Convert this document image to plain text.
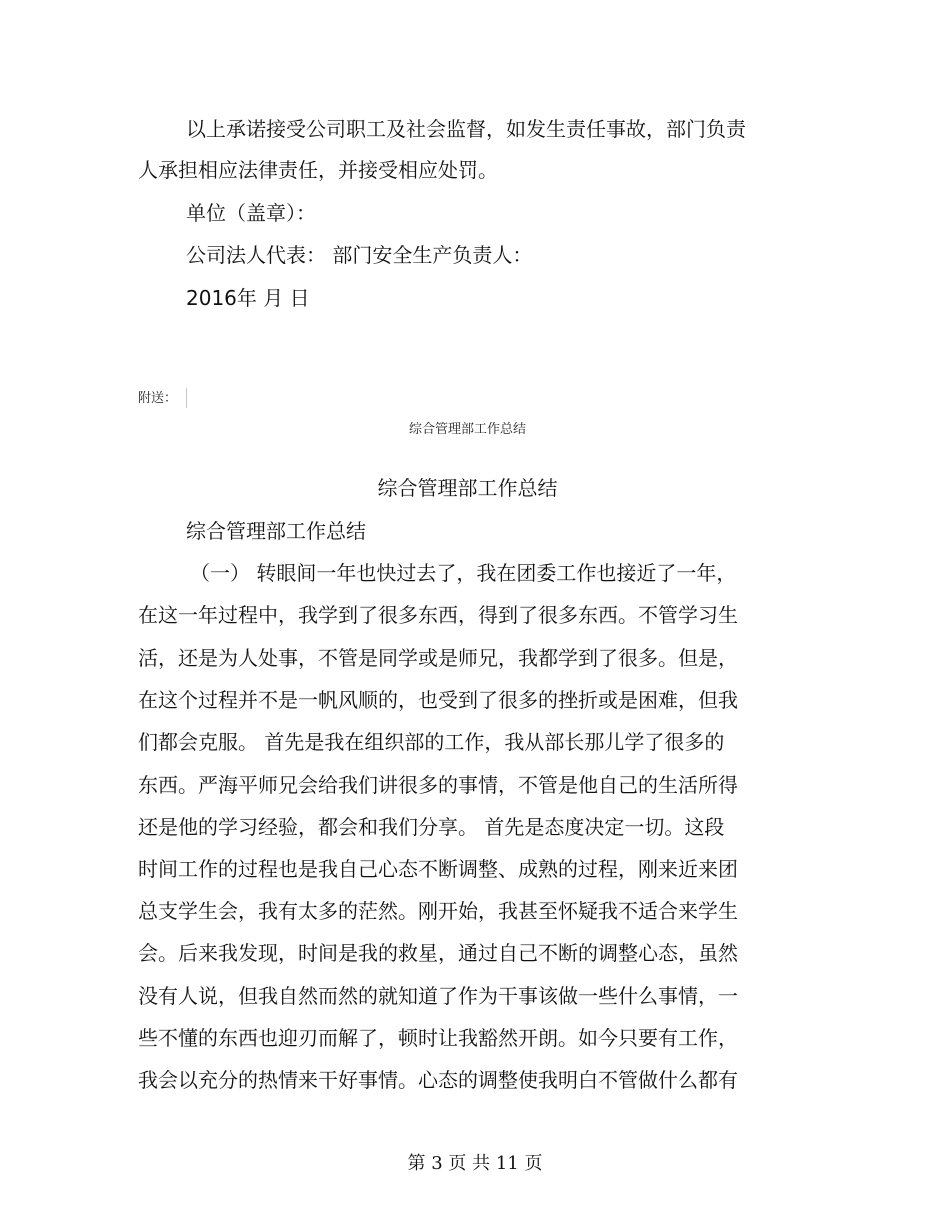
以上承诺接受公司职工及社会监督，如发生责任事故，部门负责
人承担相应法律责任，并接受相应处罚。
单位（盖章）：
公司法人代表： 部门安全生产负责人：
2016年 月 日
附送：
综合管理部工作总结
综合管理部工作总结
综合管理部工作总结
（一） 转眼间一年也快过去了，我在团委工作也接近了一年，
在这一年过程中，我学到了很多东西，得到了很多东西。不管学习生
活，还是为人处事，不管是同学或是师兄，我都学到了很多。但是，
在这个过程并不是一帆风顺的，也受到了很多的挫折或是困难，但我
们都会克服。 首先是我在组织部的工作，我从部长那儿学了很多的
东西。严海平师兄会给我们讲很多的事情，不管是他自己的生活所得
还是他的学习经验，都会和我们分享。 首先是态度决定一切。这段
时间工作的过程也是我自己心态不断调整、成熟的过程，刚来近来团
总支学生会，我有太多的茫然。刚开始，我甚至怀疑我不适合来学生
会。后来我发现，时间是我的救星，通过自己不断的调整心态，虽然
没有人说，但我自然而然的就知道了作为干事该做一些什么事情，一
些不懂的东西也迎刃而解了，顿时让我豁然开朗。如今只要有工作，
我会以充分的热情来干好事情。心态的调整使我明白不管做什么都有
第 3 页 共 11 页
